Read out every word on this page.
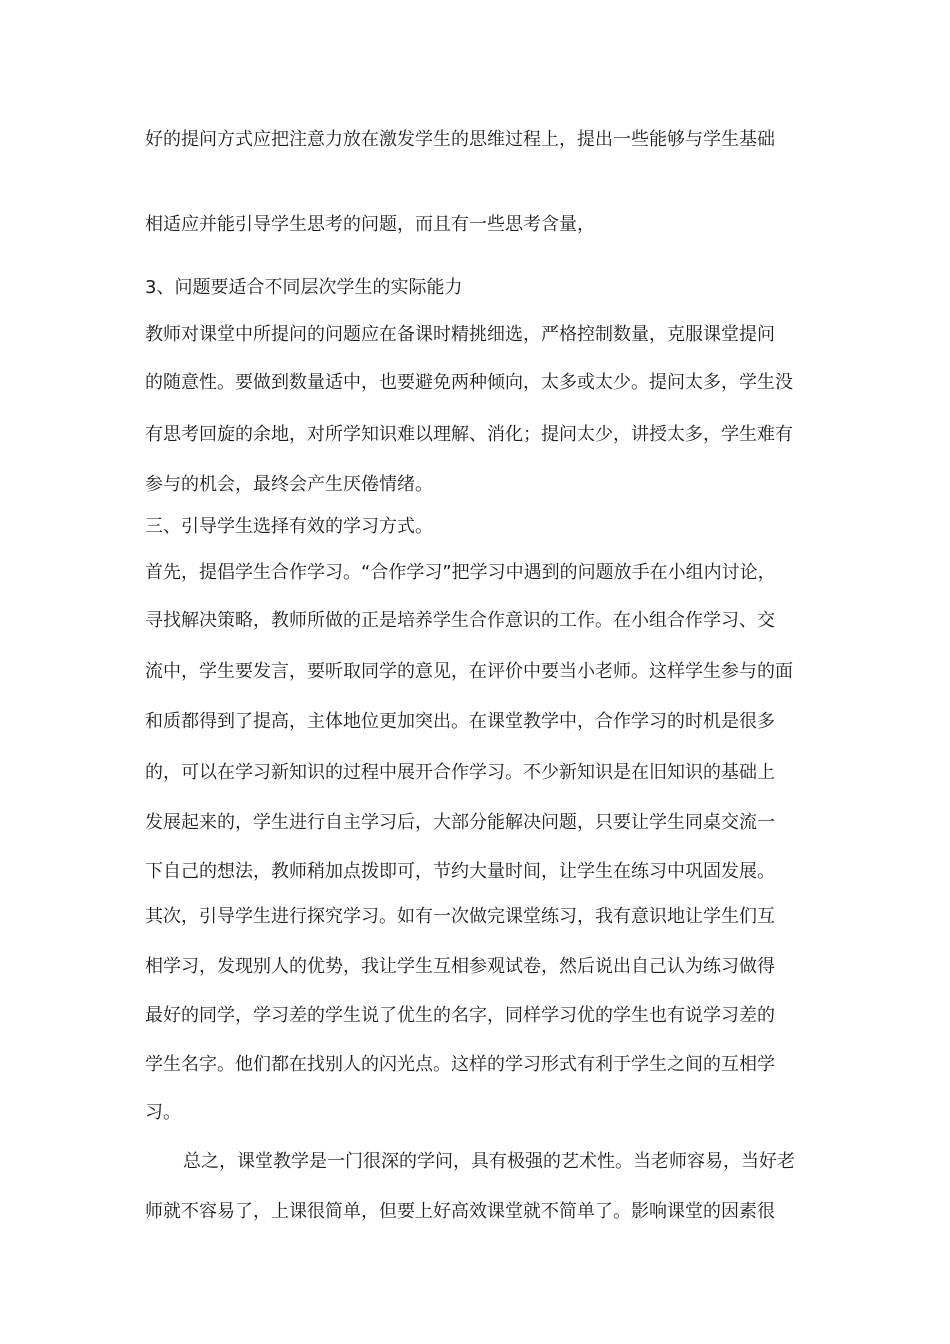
好的提问方式应把注意力放在激发学生的思维过程上，提出一些能够与学生基础
相适应并能引导学生思考的问题，而且有一些思考含量，
3、问题要适合不同层次学生的实际能力
教师对课堂中所提问的问题应在备课时精挑细选，严格控制数量，克服课堂提问
的随意性。要做到数量适中，也要避免两种倾向，太多或太少。提问太多，学生没
有思考回旋的余地，对所学知识难以理解、消化；提问太少，讲授太多，学生难有
参与的机会，最终会产生厌倦情绪。
三、引导学生选择有效的学习方式。
首先，提倡学生合作学习。“合作学习”把学习中遇到的问题放手在小组内讨论，
寻找解决策略，教师所做的正是培养学生合作意识的工作。在小组合作学习、交
流中，学生要发言，要听取同学的意见，在评价中要当小老师。这样学生参与的面
和质都得到了提高，主体地位更加突出。在课堂教学中，合作学习的时机是很多
的，可以在学习新知识的过程中展开合作学习。不少新知识是在旧知识的基础上
发展起来的，学生进行自主学习后，大部分能解决问题，只要让学生同桌交流一
下自己的想法，教师稍加点拨即可，节约大量时间，让学生在练习中巩固发展。
其次，引导学生进行探究学习。如有一次做完课堂练习，我有意识地让学生们互
相学习，发现别人的优势，我让学生互相参观试卷，然后说出自己认为练习做得
最好的同学，学习差的学生说了优生的名字，同样学习优的学生也有说学习差的
学生名字。他们都在找别人的闪光点。这样的学习形式有利于学生之间的互相学
习。
总之，课堂教学是一门很深的学问，具有极强的艺术性。当老师容易，当好老
师就不容易了，上课很简单，但要上好高效课堂就不简单了。影响课堂的因素很
